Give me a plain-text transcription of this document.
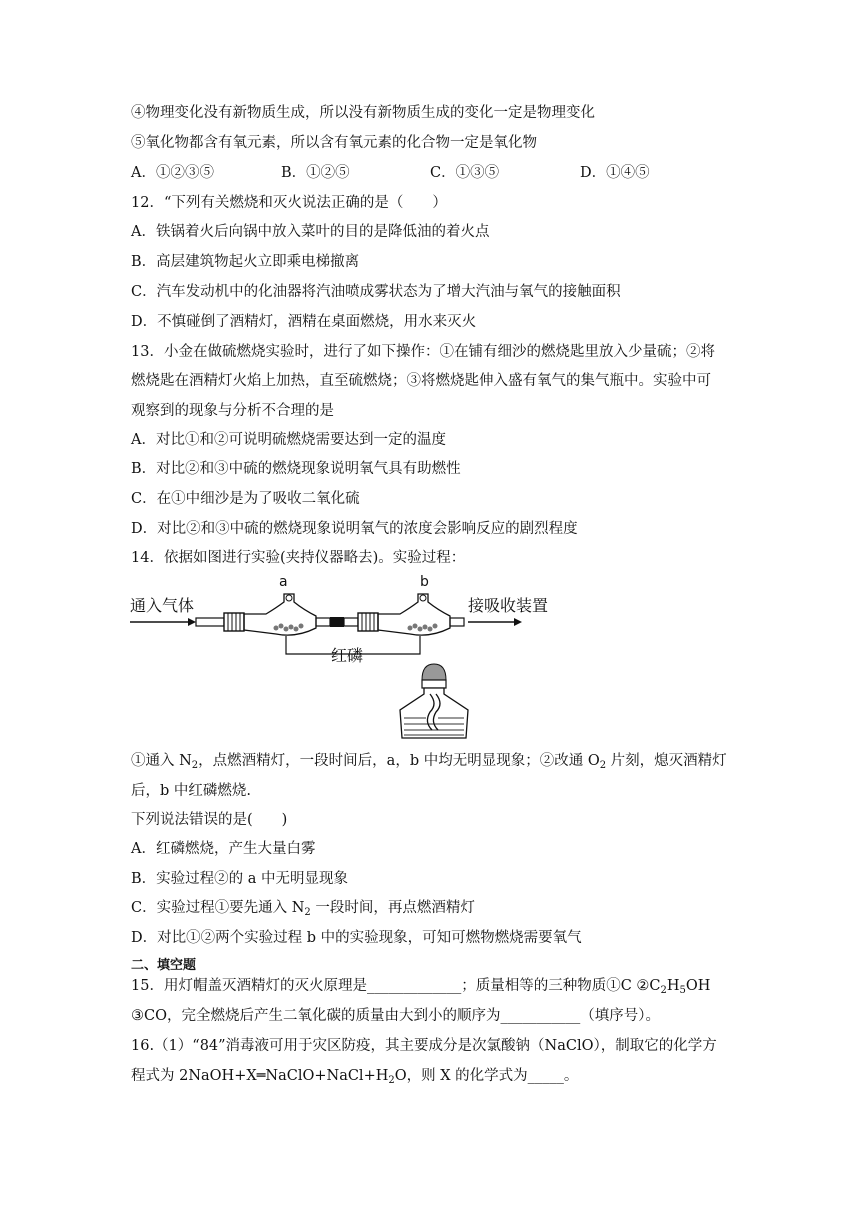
④物理变化没有新物质生成，所以没有新物质生成的变化一定是物理变化
⑤氧化物都含有氧元素，所以含有氧元素的化合物一定是氧化物
A．①②③⑤	B．①②⑤	C．①③⑤	D．①④⑤
12．“下列有关燃烧和灭火说法正确的是（　　）
A．铁锅着火后向锅中放入菜叶的目的是降低油的着火点
B．高层建筑物起火立即乘电梯撤离
C．汽车发动机中的化油器将汽油喷成雾状态为了增大汽油与氧气的接触面积
D．不慎碰倒了酒精灯，酒精在桌面燃烧，用水来灭火
13．小金在做硫燃烧实验时，进行了如下操作：①在铺有细沙的燃烧匙里放入少量硫；②将
燃烧匙在酒精灯火焰上加热，直至硫燃烧；③将燃烧匙伸入盛有氧气的集气瓶中。实验中可
观察到的现象与分析不合理的是
A．对比①和②可说明硫燃烧需要达到一定的温度
B．对比②和③中硫的燃烧现象说明氧气具有助燃性
C．在①中细沙是为了吸收二氧化硫
D．对比②和③中硫的燃烧现象说明氧气的浓度会影响反应的剧烈程度
14．依据如图进行实验(夹持仪器略去)。实验过程：
通入气体
a	b
接吸收装置
红磷
①通入 $N_2$，点燃酒精灯，一段时间后，a，b 中均无明显现象；②改通 $O_2$ 片刻，熄灭酒精灯
后，b 中红磷燃烧.
下列说法错误的是(　　)
A．红磷燃烧，产生大量白雾
B．实验过程②的 a 中无明显现象
C．实验过程①要先通入 $N_2$ 一段时间，再点燃酒精灯
D．对比①②两个实验过程 b 中的实验现象，可知可燃物燃烧需要氧气
二、填空题
15．用灯帽盖灭酒精灯的灭火原理是_____________；质量相等的三种物质①C $②C_2H_5OH$
③CO，完全燃烧后产生二氧化碳的质量由大到小的顺序为___________（填序号）。
16.（1）“84”消毒液可用于灾区防疫，其主要成分是次氯酸钠（NaClO），制取它的化学方
程式为 $2NaOH+X═NaClO+NaCl+H_2O$，则 X 的化学式为_____。
